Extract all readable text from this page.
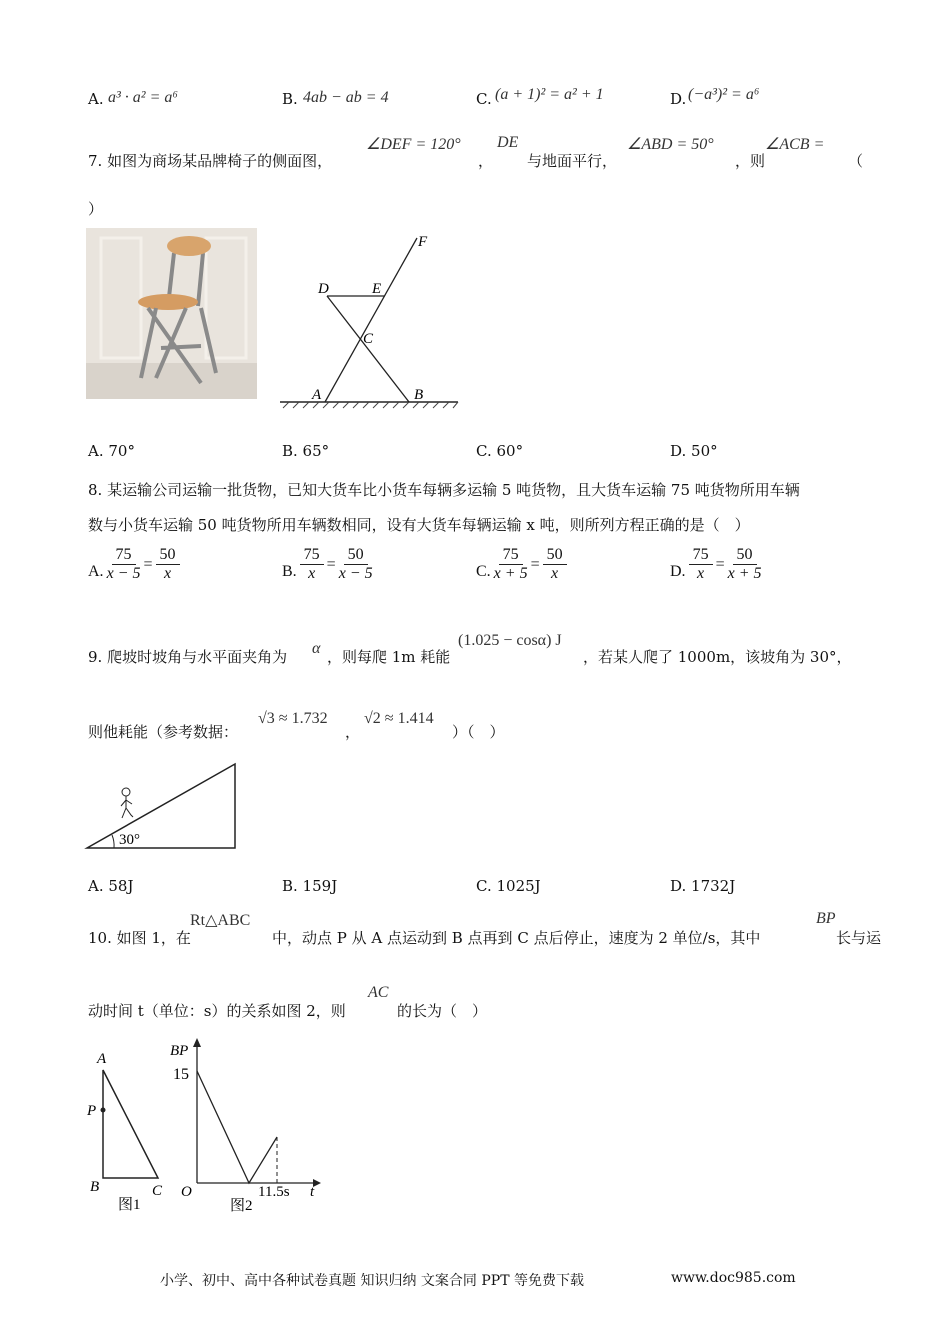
A. a³ · a² = a⁶	B. 4ab − ab = 4	C. (a + 1)² = a² + 1	D. (−a³)² = a⁶
7. 如图为商场某品牌椅子的侧面图，
∠DEF = 120°
，
DE
与地面平行，
∠ABD = 50°
，则
∠ACB =
（
）
F
D	E
C
A	B
A. 70°	B. 65°	C. 60°	D. 50°
8. 某运输公司运输一批货物，已知大货车比小货车每辆多运输 5 吨货物，且大货车运输 75 吨货物所用车辆
数与小货车运输 50 吨货物所用车辆数相同，设有大货车每辆运输 x 吨，则所列方程正确的是（　）
A. $\frac{75}{x - 5} = \frac{50}{x}$	B. $\frac{75}{x} = \frac{50}{x - 5}$	C. $\frac{75}{x + 5} = \frac{50}{x}$	D. $\frac{75}{x} = \frac{50}{x + 5}$
9. 爬坡时坡角与水平面夹角为 α ，则每爬 1m 耗能
(1.025 − cosα) J
，若某人爬了 1000m，该坡角为 30°，
则他耗能（参考数据：
√3 ≈ 1.732
，
√2 ≈ 1.414
）（　）
30°
A. 58J	B. 159J	C. 1025J	D. 1732J
10. 如图 1，在
Rt△ABC
中，动点 P 从 A 点运动到 B 点再到 C 点后停止，速度为 2 单位/s，其中
BP
长与运
动时间 t（单位：s）的关系如图 2，则
AC
的长为（　）
A
P
B	C
图1
BP
15
O	11.5s t
图2
小学、初中、高中各种试卷真题 知识归纳 文案合同 PPT 等免费下载	www.doc985.com
